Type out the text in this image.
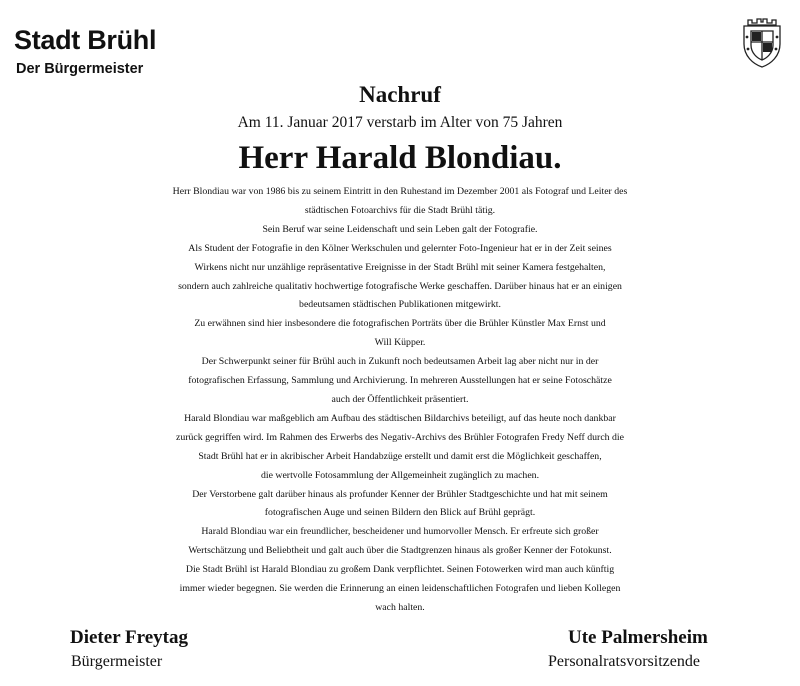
Stadt Brühl
Der Bürgermeister
Nachruf
Am 11. Januar 2017 verstarb im Alter von 75 Jahren
Herr Harald Blondiau.
Herr Blondiau war von 1986 bis zu seinem Eintritt in den Ruhestand im Dezember 2001 als Fotograf und Leiter des
städtischen Fotoarchivs für die Stadt Brühl tätig.
Sein Beruf war seine Leidenschaft und sein Leben galt der Fotografie.
Als Student der Fotografie in den Kölner Werkschulen und gelernter Foto-Ingenieur hat er in der Zeit seines
Wirkens nicht nur unzählige repräsentative Ereignisse in der Stadt Brühl mit seiner Kamera festgehalten,
sondern auch zahlreiche qualitativ hochwertige fotografische Werke geschaffen. Darüber hinaus hat er an einigen
bedeutsamen städtischen Publikationen mitgewirkt.
Zu erwähnen sind hier insbesondere die fotografischen Porträts über die Brühler Künstler Max Ernst und
Will Küpper.
Der Schwerpunkt seiner für Brühl auch in Zukunft noch bedeutsamen Arbeit lag aber nicht nur in der
fotografischen Erfassung, Sammlung und Archivierung. In mehreren Ausstellungen hat er seine Fotoschätze
auch der Öffentlichkeit präsentiert.
Harald Blondiau war maßgeblich am Aufbau des städtischen Bildarchivs beteiligt, auf das heute noch dankbar
zurück gegriffen wird. Im Rahmen des Erwerbs des Negativ-Archivs des Brühler Fotografen Fredy Neff durch die
Stadt Brühl hat er in akribischer Arbeit Handabzüge erstellt und damit erst die Möglichkeit geschaffen,
die wertvolle Fotosammlung der Allgemeinheit zugänglich zu machen.
Der Verstorbene galt darüber hinaus als profunder Kenner der Brühler Stadtgeschichte und hat mit seinem
fotografischen Auge und seinen Bildern den Blick auf Brühl geprägt.
Harald Blondiau war ein freundlicher, bescheidener und humorvoller Mensch. Er erfreute sich großer
Wertschätzung und Beliebtheit und galt auch über die Stadtgrenzen hinaus als großer Kenner der Fotokunst.
Die Stadt Brühl ist Harald Blondiau zu großem Dank verpflichtet. Seinen Fotowerken wird man auch künftig
immer wieder begegnen. Sie werden die Erinnerung an einen leidenschaftlichen Fotografen und lieben Kollegen
wach halten.
Dieter Freytag
Bürgermeister
Ute Palmersheim
Personalratsvorsitzende
